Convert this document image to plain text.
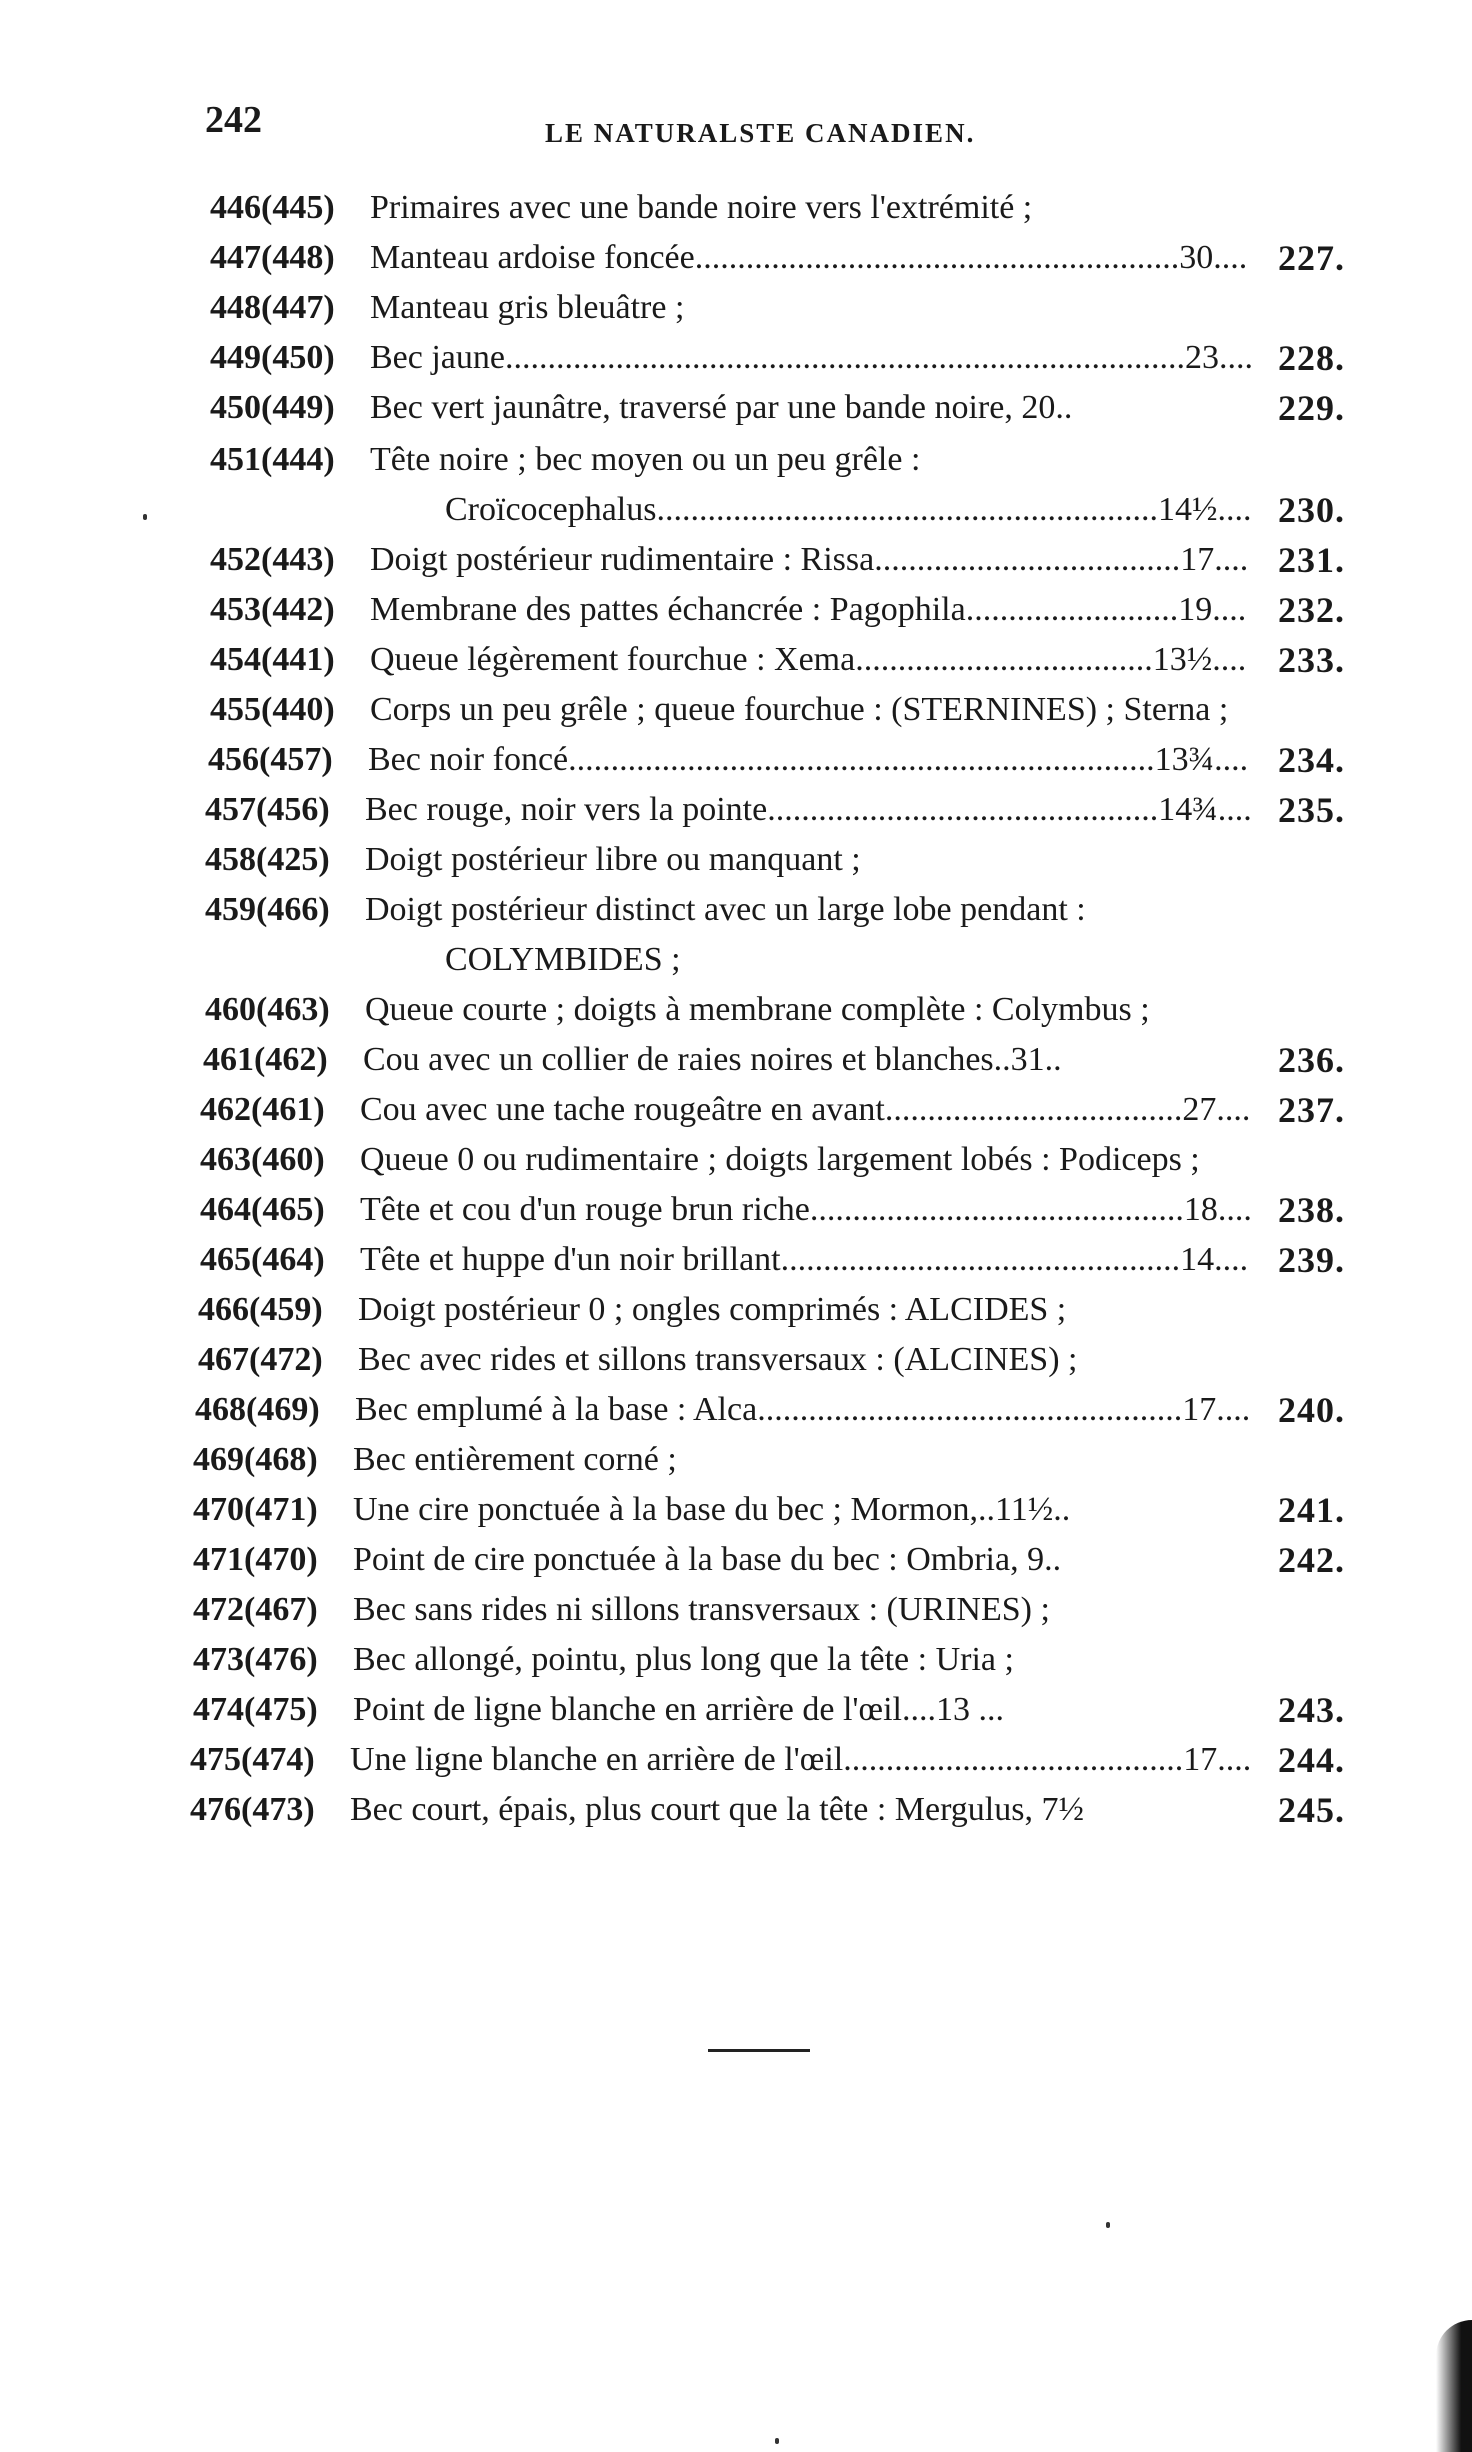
242	LE NATURALSTE CANADIEN.
446(445) Primaires avec une bande noire vers l'extrémité ;
447(448) Manteau ardoise foncée.........................................................30.... 227.
448(447) Manteau gris bleuâtre ;
449(450) Bec jaune................................................................................23.... 228.
450(449) Bec vert jaunâtre, traversé par une bande noire, 20..	229.
451(444) Tête noire ; bec moyen ou un peu grêle :
Croïcocephalus...........................................................14½.... 230.
452(443) Doigt postérieur rudimentaire : Rissa....................................17.... 231.
453(442) Membrane des pattes échancrée : Pagophila.........................19.... 232.
454(441) Queue légèrement fourchue : Xema...................................13½.... 233.
455(440) Corps un peu grêle ; queue fourchue : (STERNINES) ; Sterna ;
456(457) Bec noir foncé.....................................................................13¾.... 234.
457(456) Bec rouge, noir vers la pointe..............................................14¾.... 235.
458(425) Doigt postérieur libre ou manquant ;
459(466) Doigt postérieur distinct avec un large lobe pendant :
COLYMBIDES ;
460(463) Queue courte ; doigts à membrane complète : Colymbus ;
461(462) Cou avec un collier de raies noires et blanches..31..	236.
462(461) Cou avec une tache rougeâtre en avant...................................27.... 237.
463(460) Queue 0 ou rudimentaire ; doigts largement lobés : Podiceps ;
464(465) Tête et cou d'un rouge brun riche............................................18.... 238.
465(464) Tête et huppe d'un noir brillant...............................................14.... 239.
466(459) Doigt postérieur 0 ; ongles comprimés : ALCIDES ;
467(472) Bec avec rides et sillons transversaux : (ALCINES) ;
468(469) Bec emplumé à la base : Alca..................................................17.... 240.
469(468) Bec entièrement corné ;
470(471) Une cire ponctuée à la base du bec ; Mormon,..11½..	241.
471(470) Point de cire ponctuée à la base du bec : Ombria, 9..	242.
472(467) Bec sans rides ni sillons transversaux : (URINES) ;
473(476) Bec allongé, pointu, plus long que la tête : Uria ;
474(475) Point de ligne blanche en arrière de l'œil....13 ...	243.
475(474) Une ligne blanche en arrière de l'œil........................................17.... 244.
476(473) Bec court, épais, plus court que la tête : Mergulus, 7½	245.
